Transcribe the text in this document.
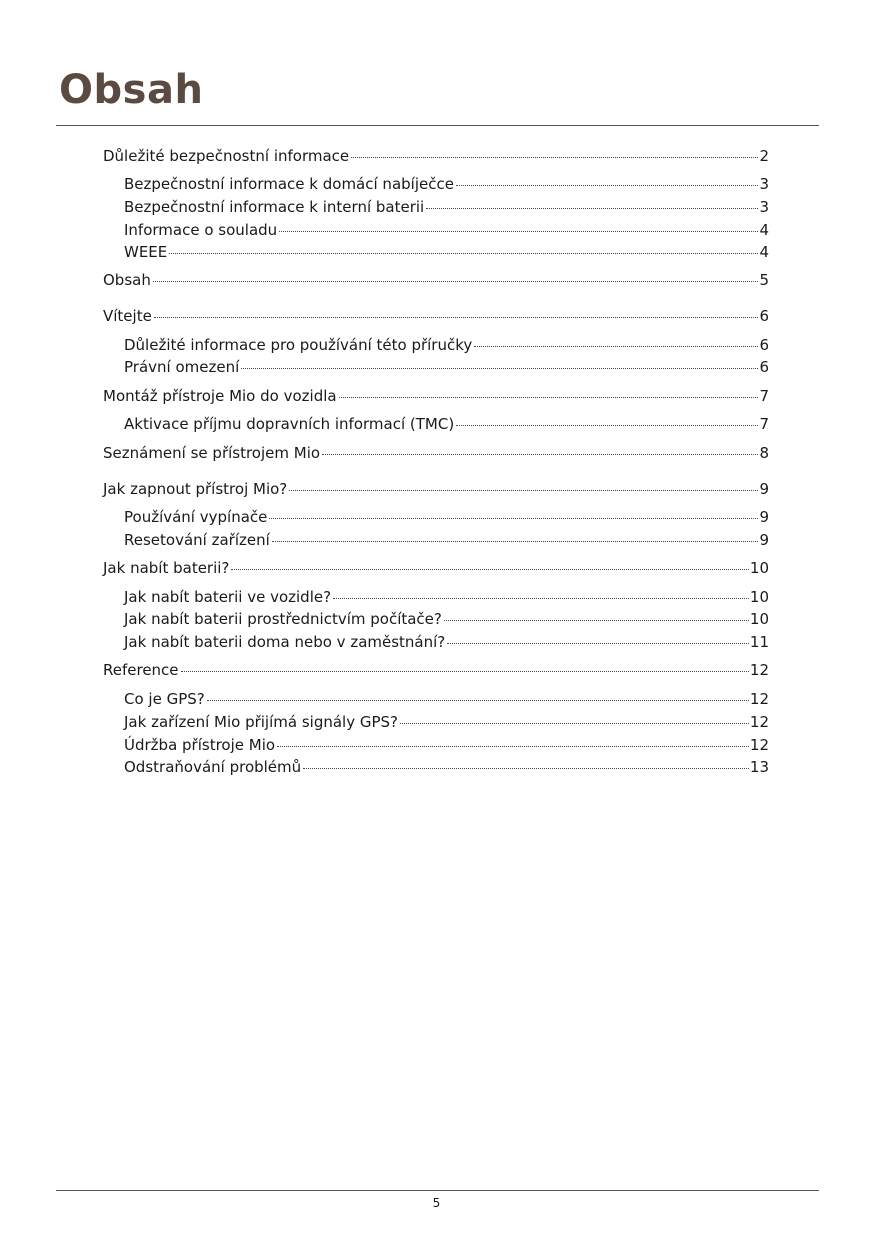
Obsah
Důležité bezpečnostní informace	2
Bezpečnostní informace k domácí nabíječce	3
Bezpečnostní informace k interní baterii	3
Informace o souladu	4
WEEE	4
Obsah	5
Vítejte	6
Důležité informace pro používání této příručky	6
Právní omezení	6
Montáž přístroje Mio do vozidla	7
Aktivace příjmu dopravních informací (TMC)	7
Seznámení se přístrojem Mio	8
Jak zapnout přístroj Mio?	9
Používání vypínače	9
Resetování zařízení	9
Jak nabít baterii?	10
Jak nabít baterii ve vozidle?	10
Jak nabít baterii prostřednictvím počítače?	10
Jak nabít baterii doma nebo v zaměstnání?	11
Reference	12
Co je GPS?	12
Jak zařízení Mio přijímá signály GPS?	12
Údržba přístroje Mio	12
Odstraňování problémů	13
5
